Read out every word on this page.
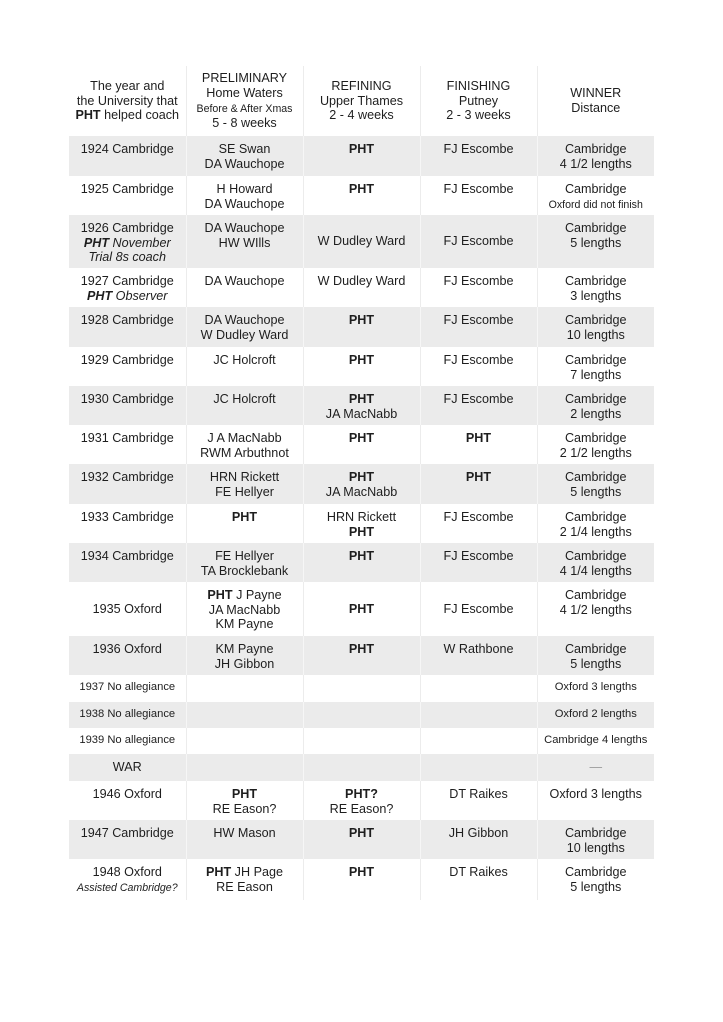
The year and
the University that
PHT helped coach	PRELIMINARY
Home Waters
Before & After Xmas
5 - 8 weeks	REFINING
Upper Thames
2 - 4 weeks	FINISHING
Putney
2 - 3 weeks	WINNER
Distance

1924 Cambridge	SE Swan
DA Wauchope	PHT	FJ Escombe	Cambridge
4 1/2 lengths

1925 Cambridge	H Howard
DA Wauchope	PHT	FJ Escombe	Cambridge
Oxford did not finish

1926 Cambridge
PHT November
Trial 8s coach	DA Wauchope
HW WIlls	W Dudley Ward	FJ Escombe	Cambridge
5 lengths

1927 Cambridge
PHT Observer	DA Wauchope	W Dudley Ward	FJ Escombe	Cambridge
3 lengths

1928 Cambridge	DA Wauchope
W Dudley Ward	PHT	FJ Escombe	Cambridge
10 lengths

1929 Cambridge	JC Holcroft	PHT	FJ Escombe	Cambridge
7 lengths

1930 Cambridge	JC Holcroft	PHT
JA MacNabb	FJ Escombe	Cambridge
2 lengths

1931 Cambridge	J A MacNabb
RWM Arbuthnot	PHT	PHT	Cambridge
2 1/2 lengths

1932 Cambridge	HRN Rickett
FE Hellyer	PHT
JA MacNabb	PHT	Cambridge
5 lengths

1933 Cambridge	PHT	HRN Rickett
PHT	FJ Escombe	Cambridge
2 1/4 lengths

1934 Cambridge	FE Hellyer
TA Brocklebank	PHT	FJ Escombe	Cambridge
4 1/4 lengths

1935 Oxford	PHT J Payne
JA MacNabb
KM Payne	PHT	FJ Escombe	Cambridge
4 1/2 lengths

1936 Oxford	KM Payne
JH Gibbon	PHT	W Rathbone	Cambridge
5 lengths

1937 No allegiance				Oxford 3 lengths

1938 No allegiance				Oxford 2 lengths

1939 No allegiance				Cambridge 4 lengths

WAR				—

1946 Oxford	PHT
RE Eason?	PHT?
RE Eason?	DT Raikes	Oxford 3 lengths

1947 Cambridge	HW Mason	PHT	JH Gibbon	Cambridge
10 lengths

1948 Oxford
Assisted Cambridge?	PHT JH Page
RE Eason	PHT	DT Raikes	Cambridge
5 lengths
